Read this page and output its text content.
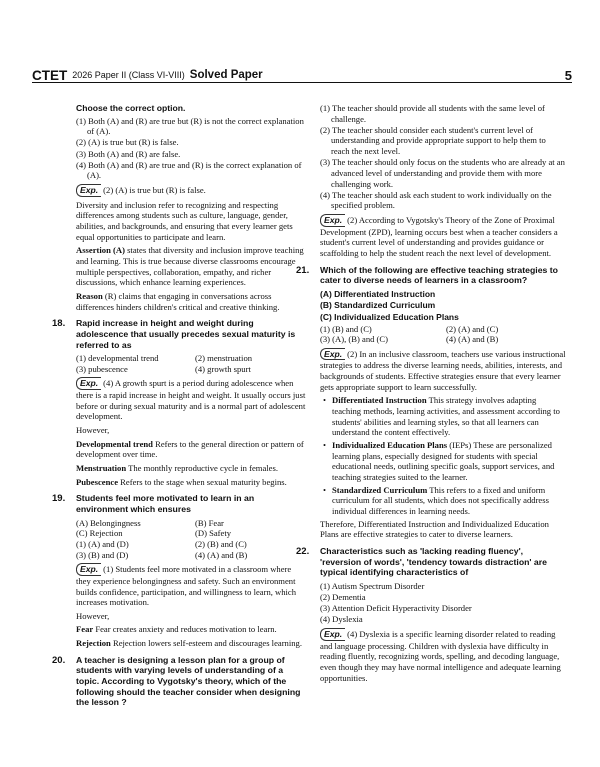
CTET 2026 Paper II (Class VI-VIII) Solved Paper	5

Choose the correct option.

(1) Both (A) and (R) are true but (R) is not the correct explanation of (A).

(2) (A) is true but (R) is false.

(3) Both (A) and (R) are false.

(4) Both (A) and (R) are true and (R) is the correct explanation of (A).

Exp. (2) (A) is true but (R) is false.

Diversity and inclusion refer to recognizing and respecting differences among students such as culture, language, gender, abilities, and backgrounds, and ensuring that every learner gets equal opportunities to participate and learn.

Assertion (A) states that diversity and inclusion improve teaching and learning. This is true because diverse classrooms encourage multiple perspectives, collaboration, empathy, and richer discussions, which enhance learning experiences.

Reason (R) claims that engaging in conversations across differences hinders children's critical and creative thinking.

18. Rapid increase in height and weight during adolescence that usually precedes sexual maturity is referred to as
(1) developmental trend	(2) menstruation
(3) pubescence	(4) growth spurt

Exp. (4) A growth spurt is a period during adolescence when there is a rapid increase in height and weight. It usually occurs just before or during sexual maturity and is a normal part of adolescent development.

However,

Developmental trend Refers to the general direction or pattern of development over time.

Menstruation The monthly reproductive cycle in females.

Pubescence Refers to the stage when sexual maturity begins.

19. Students feel more motivated to learn in an environment which ensures
(A) Belongingness	(B) Fear
(C) Rejection	(D) Safety
(1) (A) and (D)	(2) (B) and (C)
(3) (B) and (D)	(4) (A) and (B)

Exp. (1) Students feel more motivated in a classroom where they experience belongingness and safety. Such an environment builds confidence, participation, and willingness to learn, which increases motivation.

However,

Fear Fear creates anxiety and reduces motivation to learn.

Rejection Rejection lowers self-esteem and discourages learning.

20. A teacher is designing a lesson plan for a group of students with varying levels of understanding of a topic. According to Vygotsky's theory, which of the following should the teacher consider when designing the lesson ?

(1) The teacher should provide all students with the same level of challenge.

(2) The teacher should consider each student's current level of understanding and provide appropriate support to help them to reach the next level.

(3) The teacher should only focus on the students who are already at an advanced level of understanding and provide them with more challenging work.

(4) The teacher should ask each student to work individually on the specified problem.

Exp. (2) According to Vygotsky's Theory of the Zone of Proximal Development (ZPD), learning occurs best when a teacher considers a student's current level of understanding and provides guidance or scaffolding to help the student reach the next level of development.

21. Which of the following are effective teaching strategies to cater to diverse needs of learners in a classroom?

(A) Differentiated Instruction

(B) Standardized Curriculum

(C) Individualized Education Plans

(1) (B) and (C)	(2) (A) and (C)
(3) (A), (B) and (C)	(4) (A) and (B)

Exp. (2) In an inclusive classroom, teachers use various instructional strategies to address the diverse learning needs, abilities, interests, and backgrounds of students. Effective strategies ensure that every learner gets appropriate support to learn successfully.

• Differentiated Instruction This strategy involves adapting teaching methods, learning activities, and assessment according to students' abilities and learning styles, so that all learners can understand the content effectively.
• Individualized Education Plans (IEPs) These are personalized learning plans, especially designed for students with special educational needs, outlining specific goals, support services, and teaching strategies suited to the learner.
• Standardized Curriculum This refers to a fixed and uniform curriculum for all students, which does not specifically address individual differences in learning needs.

Therefore, Differentiated Instruction and Individualized Education Plans are effective strategies to cater to diverse learners.

22. Characteristics such as 'lacking reading fluency', 'reversion of words', 'tendency towards distraction' are typical identifying characteristics of

(1) Autism Spectrum Disorder

(2) Dementia

(3) Attention Deficit Hyperactivity Disorder

(4) Dyslexia

Exp. (4) Dyslexia is a specific learning disorder related to reading and language processing. Children with dyslexia have difficulty in reading fluently, recognizing words, spelling, and decoding language, even though they may have normal intelligence and adequate learning opportunities.
